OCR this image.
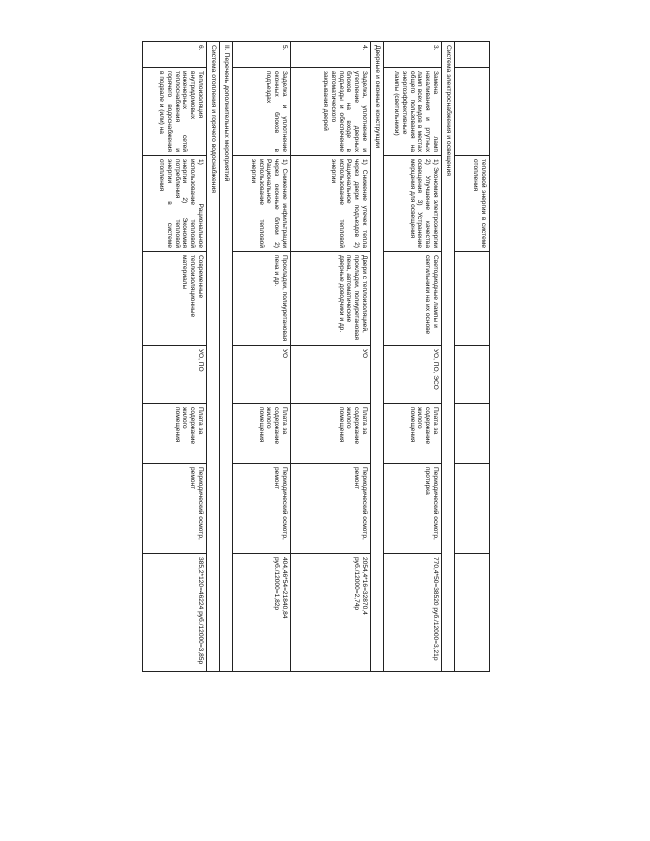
		тепловой энергии в системе отопления					
Система электроснабжения и освещения							
3.	Замена ламп накаливания и ртутных ламп всех видов в местах общего пользования на энергоэффективные лампы (светильники)	1) Экономия электроэнергии 2) Улучшение качества освещения 3) Устранение мерцания для освещения	Светодиодные лампы и светильники на их основе	УО, ПО, ЭСО	Плата за содержание жилого помещения	Периодический осмотр, протирка	770,4*50=38520 руб./12000=3,21р
Дверные и оконные конструкции							
4.	Заделка, уплотнение и утепление дверных блоков на входе в подъезды и обеспечение автоматического закрывания дверей	1) Снижение утечек тепла через двери подъездов 2) Рациональное использование тепловой энергии	Двери с теплоизоляцией, прокладки, полиуретановая пена, автоматические дверные доводчики и др.	УО	Плата за содержание жилого помещения	Периодический осмотр, ремонт	2054,4*16=32870,4 руб./12000=2,74р
5.	Заделка и уплотнение оконных блоков в подъездах	1) Снижение инфильтрации через оконные блоки 2) Рациональное использование тепловой энергии	Прокладки, полиуретановая пена и др.	УО	Плата за содержание жилого помещения	Периодический осмотр, ремонт	404,46*54=21840,84 руб./12000=1,82р
II. Перечень дополнительных мероприятий							
Система отопления и горячего водоснабжения							
6.	Теплоизоляция внутридомовых инженерных сетей теплоснабжения и горячего водоснабжения в подвале и (или) на	1) Рациональное использование тепловой энергии 2) Экономия потребления тепловой энергии в системе отопления	Современные теплоизоляционные материалы	УО, ПО	Плата за содержание жилого помещения	Периодический осмотр, ремонт	385,2*120=46224 руб./12000=3,85р
